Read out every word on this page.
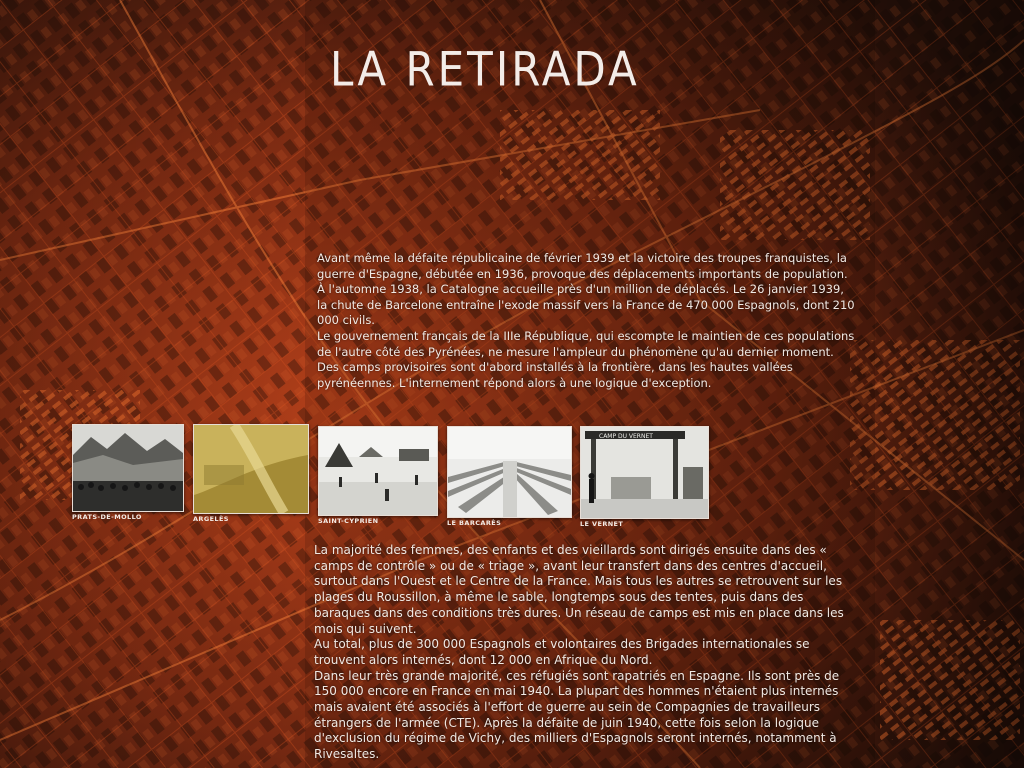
LA RETIRADA

Avant même la défaite républicaine de février 1939 et la victoire des troupes franquistes, la guerre d'Espagne, débutée en 1936, provoque des déplacements importants de population. À l'automne 1938, la Catalogne accueille près d'un million de déplacés. Le 26 janvier 1939, la chute de Barcelone entraîne l'exode massif vers la France de 470 000 Espagnols, dont 210 000 civils.

Le gouvernement français de la IIIe République, qui escompte le maintien de ces populations de l'autre côté des Pyrénées, ne mesure l'ampleur du phénomène qu'au dernier moment. Des camps provisoires sont d'abord installés à la frontière, dans les hautes vallées pyrénéennes. L'internement répond alors à une logique d'exception.

PRATS-DE-MOLLO	ARGELÈS	SAINT-CYPRIEN	LE BARCARÈS

CAMP DU VERNET

LE VERNET

La majorité des femmes, des enfants et des vieillards sont dirigés ensuite dans des « camps de contrôle » ou de « triage », avant leur transfert dans des centres d'accueil, surtout dans l'Ouest et le Centre de la France. Mais tous les autres se retrouvent sur les plages du Roussillon, à même le sable, longtemps sous des tentes, puis dans des baraques dans des conditions très dures. Un réseau de camps est mis en place dans les mois qui suivent.

Au total, plus de 300 000 Espagnols et volontaires des Brigades internationales se trouvent alors internés, dont 12 000 en Afrique du Nord.

Dans leur très grande majorité, ces réfugiés sont rapatriés en Espagne. Ils sont près de 150 000 encore en France en mai 1940. La plupart des hommes n'étaient plus internés mais avaient été associés à l'effort de guerre au sein de Compagnies de travailleurs étrangers de l'armée (CTE). Après la défaite de juin 1940, cette fois selon la logique d'exclusion du régime de Vichy, des milliers d'Espagnols seront internés, notamment à Rivesaltes.
